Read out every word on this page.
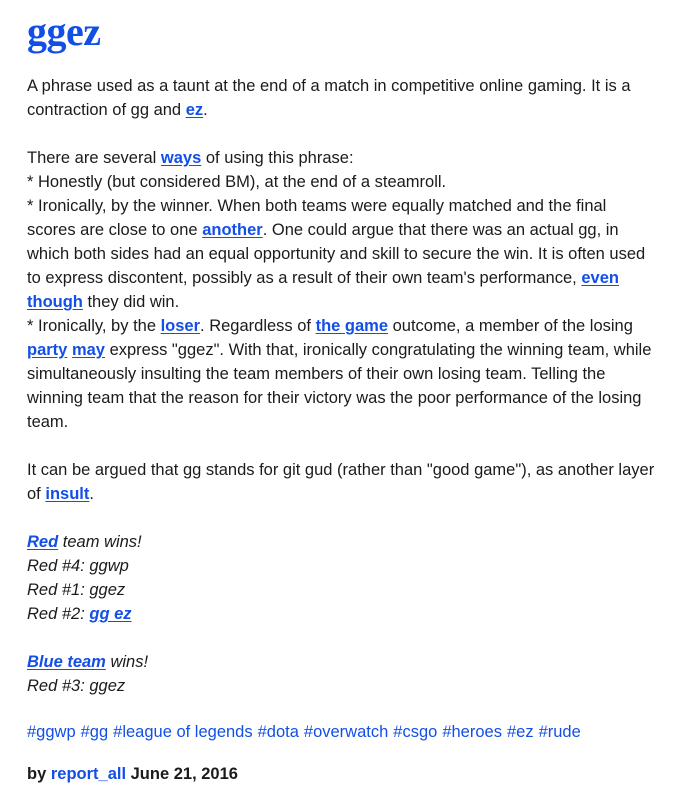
ggez

A phrase used as a taunt at the end of a match in competitive online gaming. It is a contraction of gg and ez.

There are several ways of using this phrase:
* Honestly (but considered BM), at the end of a steamroll.
* Ironically, by the winner. When both teams were equally matched and the final scores are close to one another. One could argue that there was an actual gg, in which both sides had an equal opportunity and skill to secure the win. It is often used to express discontent, possibly as a result of their own team's performance, even though they did win.
* Ironically, by the loser. Regardless of the game outcome, a member of the losing party may express "ggez". With that, ironically congratulating the winning team, while simultaneously insulting the team members of their own losing team. Telling the winning team that the reason for their victory was the poor performance of the losing team.

It can be argued that gg stands for git gud (rather than "good game"), as another layer of insult.

Red team wins!
Red #4: ggwp
Red #1: ggez
Red #2: gg ez

Blue team wins!
Red #3: ggez

#ggwp #gg #league of legends #dota #overwatch #csgo #heroes #ez #rude
by report_all June 21, 2016
